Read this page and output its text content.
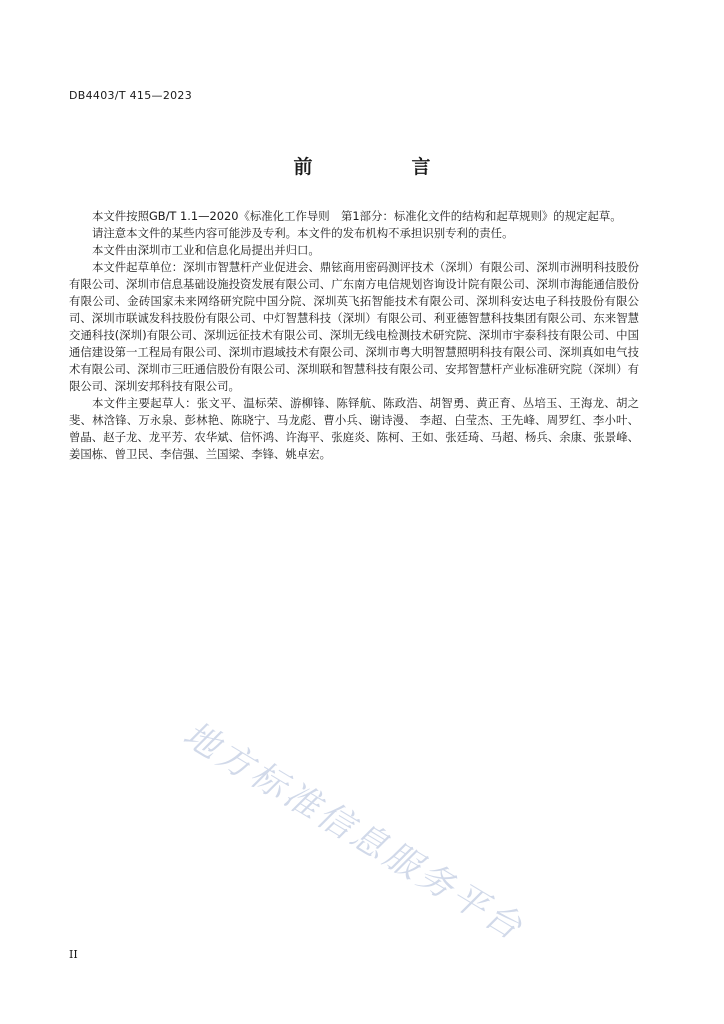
DB4403/T 415—2023
前　言

本文件按照GB/T 1.1—2020《标准化工作导则　第1部分：标准化文件的结构和起草规则》的规定起草。

请注意本文件的某些内容可能涉及专利。本文件的发布机构不承担识别专利的责任。

本文件由深圳市工业和信息化局提出并归口。

本文件起草单位：深圳市智慧杆产业促进会、鼎铉商用密码测评技术（深圳）有限公司、深圳市洲明科技股份有限公司、深圳市信息基础设施投资发展有限公司、广东南方电信规划咨询设计院有限公司、深圳市海能通信股份有限公司、金砖国家未来网络研究院中国分院、深圳英飞拓智能技术有限公司、深圳科安达电子科技股份有限公司、深圳市联诚发科技股份有限公司、中灯智慧科技（深圳）有限公司、利亚德智慧科技集团有限公司、东来智慧交通科技(深圳)有限公司、深圳远征技术有限公司、深圳无线电检测技术研究院、深圳市宇泰科技有限公司、中国通信建设第一工程局有限公司、深圳市遐域技术有限公司、深圳市粤大明智慧照明科技有限公司、深圳真如电气技术有限公司、深圳市三旺通信股份有限公司、深圳联和智慧科技有限公司、安邦智慧杆产业标准研究院（深圳）有限公司、深圳安邦科技有限公司。

本文件主要起草人：张文平、温标荣、游柳锋、陈铎航、陈政浩、胡智勇、黄正育、丛培玉、王海龙、胡之斐、林浛锋、万永泉、彭林艳、陈晓宁、马龙彪、曹小兵、谢诗漫、 李超、白莹杰、王先峰、周罗红、李小叶、曾晶、赵子龙、龙平芳、农华斌、信怀鸿、许海平、张庭炎、陈柯、王如、张廷琦、马超、杨兵、余康、张景峰、姜国栋、曾卫民、李信强、兰国梁、李锋、姚卓宏。

地方标准信息服务平台
II
